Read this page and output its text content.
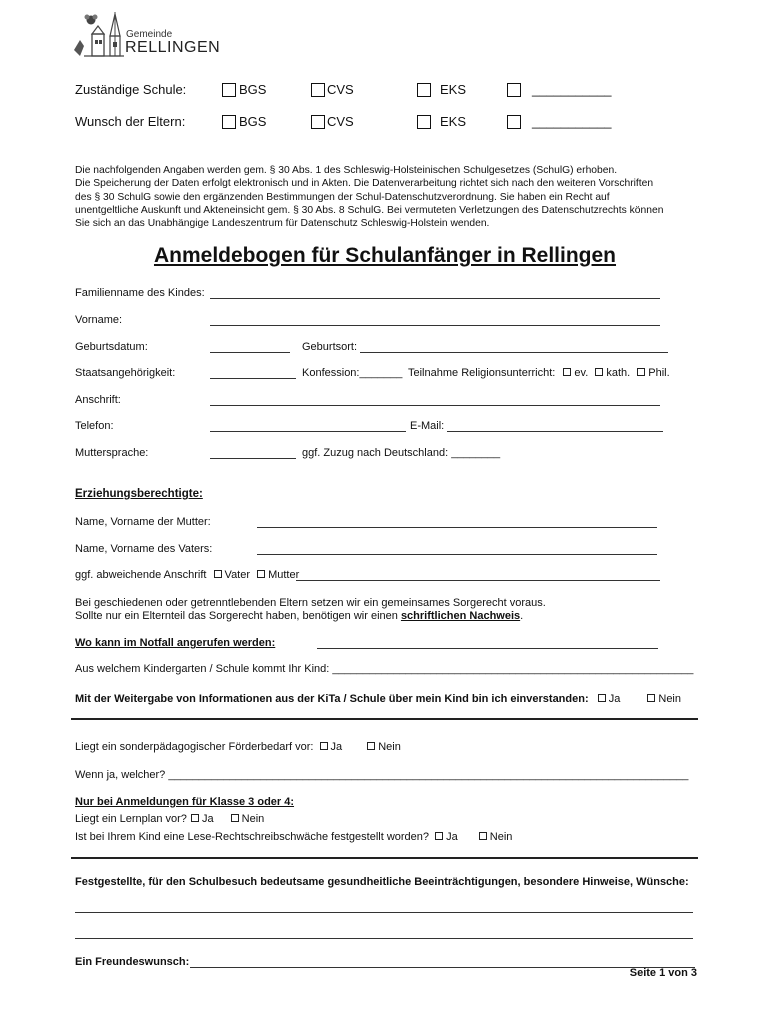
Gemeinde
RELLINGEN
Zuständige Schule:	BGS	CVS	EKS	___________
Wunsch der Eltern:	BGS	CVS	EKS	___________
Die nachfolgenden Angaben werden gem. § 30 Abs. 1 des Schleswig-Holsteinischen Schulgesetzes (SchulG) erhoben.
Die Speicherung der Daten erfolgt elektronisch und in Akten. Die Datenverarbeitung richtet sich nach den weiteren Vorschriften
des § 30 SchulG sowie den ergänzenden Bestimmungen der Schul-Datenschutzverordnung. Sie haben ein Recht auf
unentgeltliche Auskunft und Akteneinsicht gem. § 30 Abs. 8 SchulG. Bei vermuteten Verletzungen des Datenschutzrechts können
Sie sich an das Unabhängige Landeszentrum für Datenschutz Schleswig-Holstein wenden.
Anmeldebogen für Schulanfänger in Rellingen
Familienname des Kindes:
Vorname:
Geburtsdatum:	Geburtsort:
Staatsangehörigkeit:	Konfession:_______ Teilnahme Religionsunterricht: ev. kath. Phil.
Anschrift:
Telefon:	E-Mail:
Muttersprache:	ggf. Zuzug nach Deutschland: ________
Erziehungsberechtigte:
Name, Vorname der Mutter:
Name, Vorname des Vaters:
ggf. abweichende Anschrift Vater Mutter
Bei geschiedenen oder getrenntlebenden Eltern setzen wir ein gemeinsames Sorgerecht voraus.
Sollte nur ein Elternteil das Sorgerecht haben, benötigen wir einen schriftlichen Nachweis.
Wo kann im Notfall angerufen werden:
Aus welchem Kindergarten / Schule kommt Ihr Kind: ___________________________________________________________
Mit der Weitergabe von Informationen aus der KiTa / Schule über mein Kind bin ich einverstanden: Ja	Nein
Liegt ein sonderpädagogischer Förderbedarf vor: Ja	Nein
Wenn ja, welcher? _____________________________________________________________________________________
Nur bei Anmeldungen für Klasse 3 oder 4:
Liegt ein Lernplan vor? Ja	Nein
Ist bei Ihrem Kind eine Lese-Rechtschreibschwäche festgestellt worden? Ja	Nein
Festgestellte, für den Schulbesuch bedeutsame gesundheitliche Beeinträchtigungen, besondere Hinweise, Wünsche:
Ein Freundeswunsch:
Seite 1 von 3
